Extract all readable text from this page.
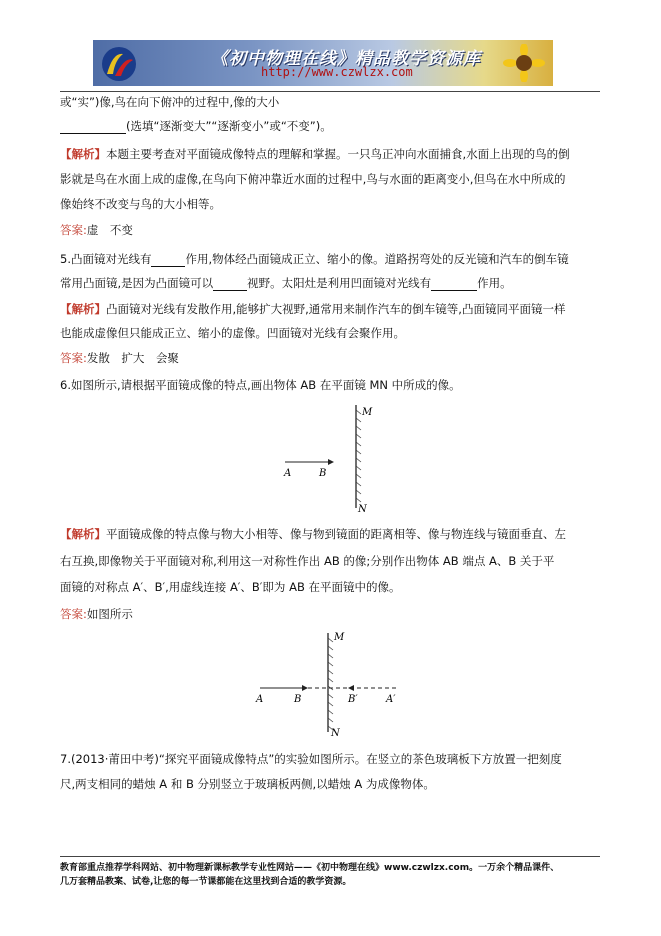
《初中物理在线》精品教学资源库
http://www.czwlzx.com
或“实”)像,鸟在向下俯冲的过程中,像的大小
(选填“逐渐变大”“逐渐变小”或“不变”)。
【解析】本题主要考查对平面镜成像特点的理解和掌握。一只鸟正冲向水面捕食,水面上出现的鸟的倒
影就是鸟在水面上成的虚像,在鸟向下俯冲靠近水面的过程中,鸟与水面的距离变小,但鸟在水中所成的
像始终不改变与鸟的大小相等。
答案:虚　不变
5.凸面镜对光线有	作用,物体经凸面镜成正立、缩小的像。道路拐弯处的反光镜和汽车的倒车镜
常用凸面镜,是因为凸面镜可以	视野。太阳灶是利用凹面镜对光线有	作用。
【解析】凸面镜对光线有发散作用,能够扩大视野,通常用来制作汽车的倒车镜等,凸面镜同平面镜一样
也能成虚像但只能成正立、缩小的虚像。凹面镜对光线有会聚作用。
答案:发散　扩大　会聚
6.如图所示,请根据平面镜成像的特点,画出物体 AB 在平面镜 MN 中所成的像。
A	B
M
N
【解析】平面镜成像的特点像与物大小相等、像与物到镜面的距离相等、像与物连线与镜面垂直、左
右互换,即像物关于平面镜对称,利用这一对称性作出 AB 的像;分别作出物体 AB 端点 A、B 关于平
面镜的对称点 A′、B′,用虚线连接 A′、B′即为 AB 在平面镜中的像。
答案:如图所示
A	B	B′	A′
M
N
7.(2013·莆田中考)“探究平面镜成像特点”的实验如图所示。在竖立的茶色玻璃板下方放置一把刻度
尺,两支相同的蜡烛 A 和 B 分别竖立于玻璃板两侧,以蜡烛 A 为成像物体。
教育部重点推荐学科网站、初中物理新课标教学专业性网站——《初中物理在线》www.czwlzx.com。一万余个精品课件、
几万套精品教案、试卷,让您的每一节课都能在这里找到合适的教学资源。
